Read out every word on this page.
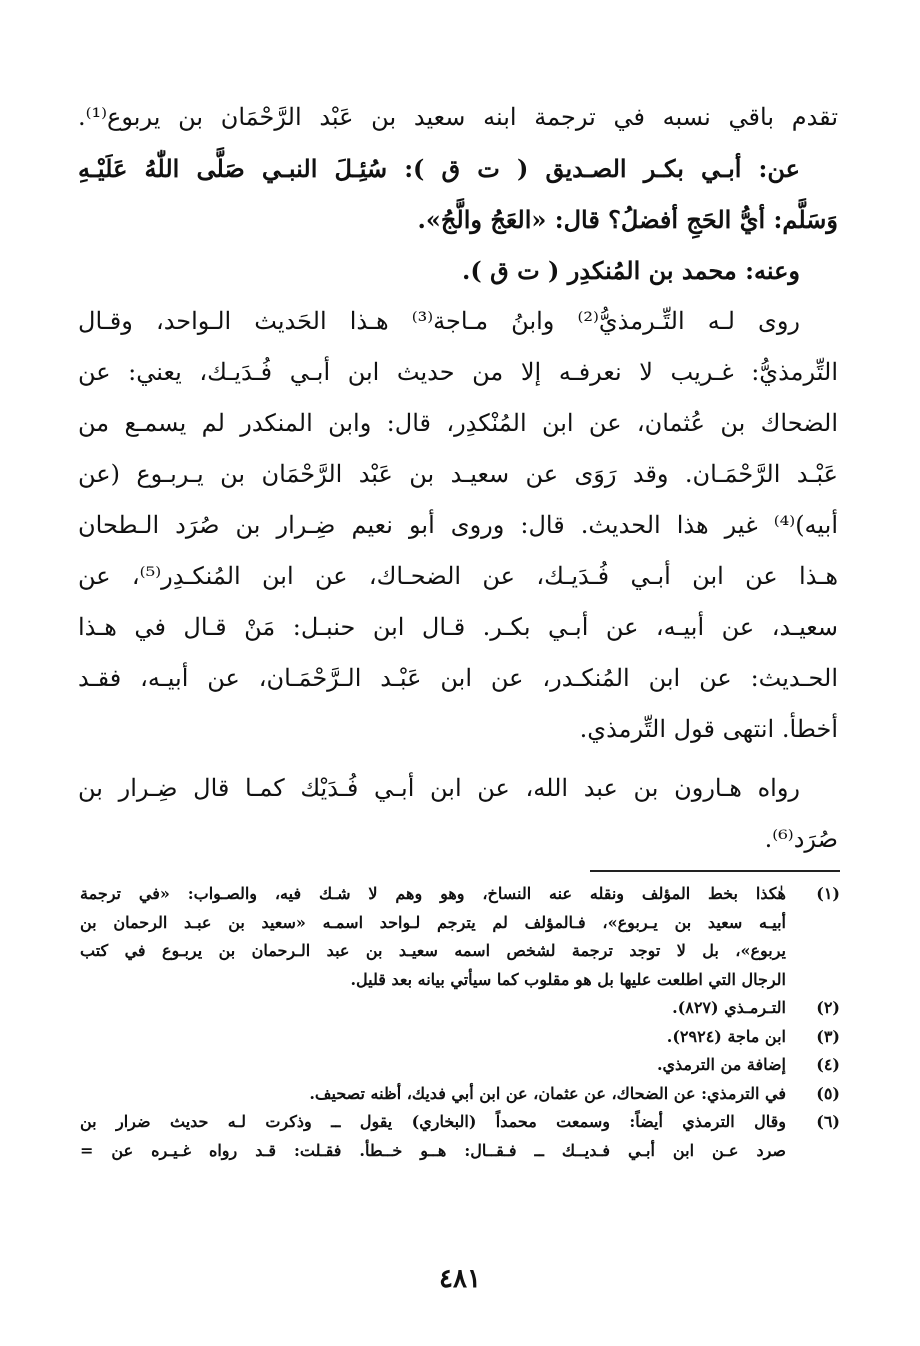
تقدم باقي نسبه في ترجمة ابنه سعيد بن عَبْد الرَّحْمَان بن يربوع⁽¹⁾.
عن: أبـي بكـر الصـديق ( ت ق ): سُئِـلَ النبـي صَلَّى اللّٰهُ عَلَيْـهِ
وَسَلَّم: أيُّ الحَجِ أفضلُ؟ قال: «العَجُ والَّجُ».
وعنه: محمد بن المُنكدِر ( ت ق ).
روى لـه التِّـرمذيُّ⁽²⁾ وابنُ مـاجة⁽³⁾ هـذا الحَديث الـواحد، وقـال
التِّرمذيُّ: غـريب لا نعرفـه إلا من حديث ابن أبـي فُـدَيـك، يعني: عن
الضحاك بن عُثمان، عن ابن المُنْكدِر، قال: وابن المنكدر لم يسمـع من
عَبْـد الرَّحْمَـان. وقد رَوَى عن سعيـد بن عَبْد الرَّحْمَان بن يـربـوع (عن
أبيه)⁽⁴⁾ غير هذا الحديث. قال: وروى أبو نعيم ضِـرار بن صُرَد الـطحان
هـذا عن ابن أبـي فُـدَيـك، عن الضحـاك، عن ابن المُنكـدِر⁽⁵⁾، عن
سعيـد، عن أبيـه، عن أبـي بكـر. قـال ابن حنبـل: مَنْ قـال في هـذا
الحـديث: عن ابن المُنكـدر، عن ابن عَبْـد الـرَّحْمَـان، عن أبيـه، فقـد
أخطأ. انتهى قول التِّرمذي.
رواه هـارون بن عبد الله، عن ابن أبـي فُـدَيْك كمـا قال ضِـرار بن
صُرَد⁽⁶⁾.
(١)هٰكذا بخط المؤلف ونقله عنه النساخ، وهو وهم لا شـك فيه، والصـواب: «في ترجمة
أبيـه سعيد بن يـربوع»، فـالمؤلف لم يترجم لـواحد اسمـه «سعيد بن عبـد الرحمان بن
يربوع»، بل لا توجد ترجمة لشخص اسمه سعيـد بن عبد الـرحمان بن يربـوع في كتب
الرجال التي اطلعت عليها بل هو مقلوب كما سيأتي بيانه بعد قليل.
(٢)التـرمـذي (٨٢٧).
(٣)ابن ماجة (٢٩٢٤).
(٤)إضافة من الترمذي.
(٥)في الترمذي: عن الضحاك، عن عثمان، عن ابن أبي فديك، أظنه تصحيف.
(٦)وقال الترمذي أيضاً: وسمعت محمداً (البخاري) يقول ــ وذكرت لـه حديث ضرار بن
صرد عـن ابن أبـي فـديــك ــ فـقــال: هــو خــطأ. فقـلت: قـد رواه غـيـره عن =
٤٨١
